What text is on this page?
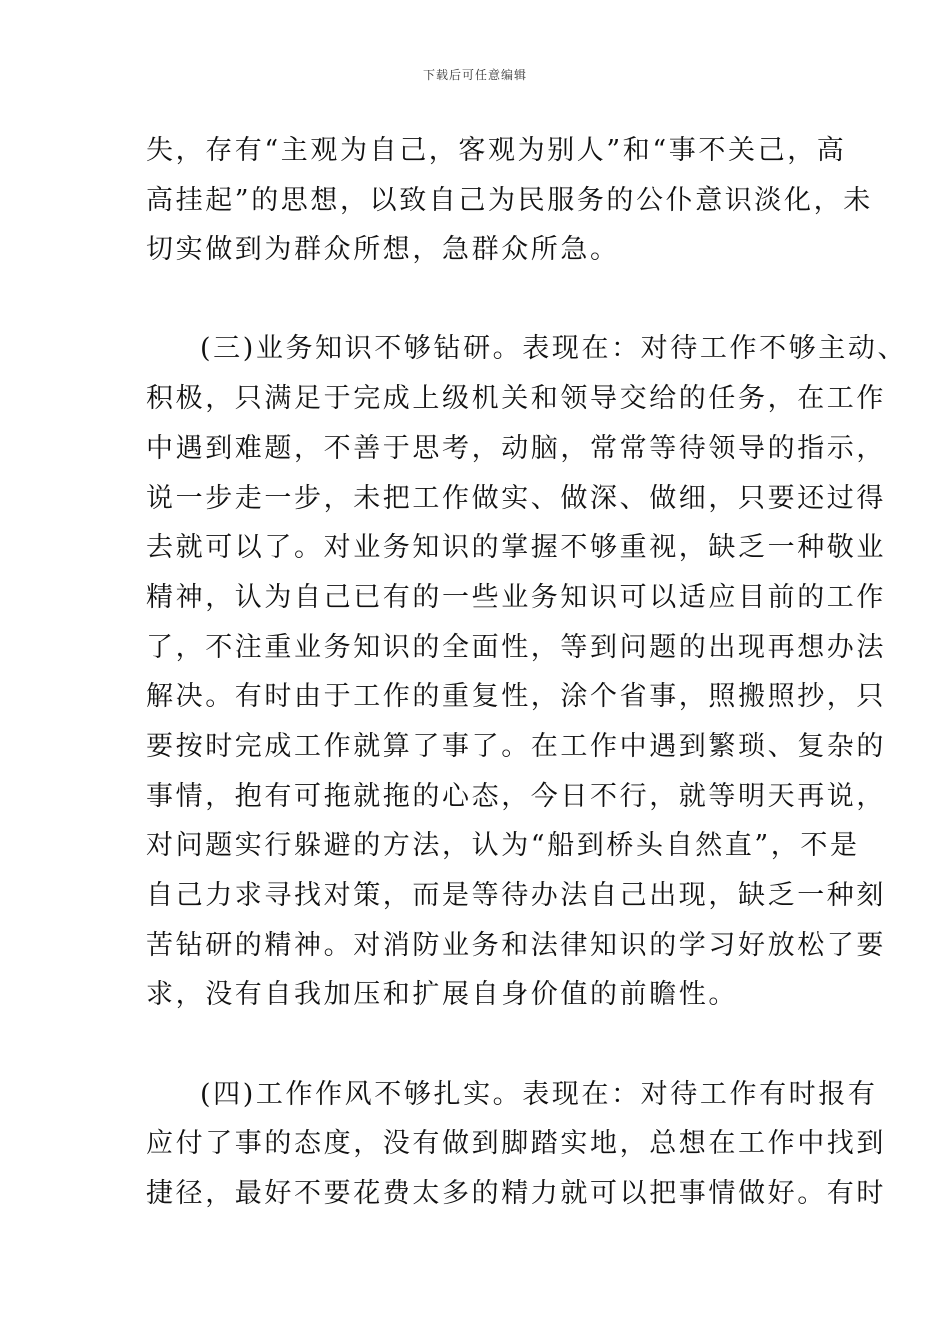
下载后可任意编辑
失，存有“主观为自己，客观为别人”和“事不关己，高
高挂起”的思想，以致自己为民服务的公仆意识淡化，未
切实做到为群众所想，急群众所急。
(三)业务知识不够钻研。表现在：对待工作不够主动、
积极，只满足于完成上级机关和领导交给的任务，在工作
中遇到难题，不善于思考，动脑，常常等待领导的指示，
说一步走一步，未把工作做实、做深、做细，只要还过得
去就可以了。对业务知识的掌握不够重视，缺乏一种敬业
精神，认为自己已有的一些业务知识可以适应目前的工作
了，不注重业务知识的全面性，等到问题的出现再想办法
解决。有时由于工作的重复性，涂个省事，照搬照抄，只
要按时完成工作就算了事了。在工作中遇到繁琐、复杂的
事情，抱有可拖就拖的心态，今日不行，就等明天再说，
对问题实行躲避的方法，认为“船到桥头自然直”，不是
自己力求寻找对策，而是等待办法自己出现，缺乏一种刻
苦钻研的精神。对消防业务和法律知识的学习好放松了要
求，没有自我加压和扩展自身价值的前瞻性。
(四)工作作风不够扎实。表现在：对待工作有时报有
应付了事的态度，没有做到脚踏实地，总想在工作中找到
捷径，最好不要花费太多的精力就可以把事情做好。有时
